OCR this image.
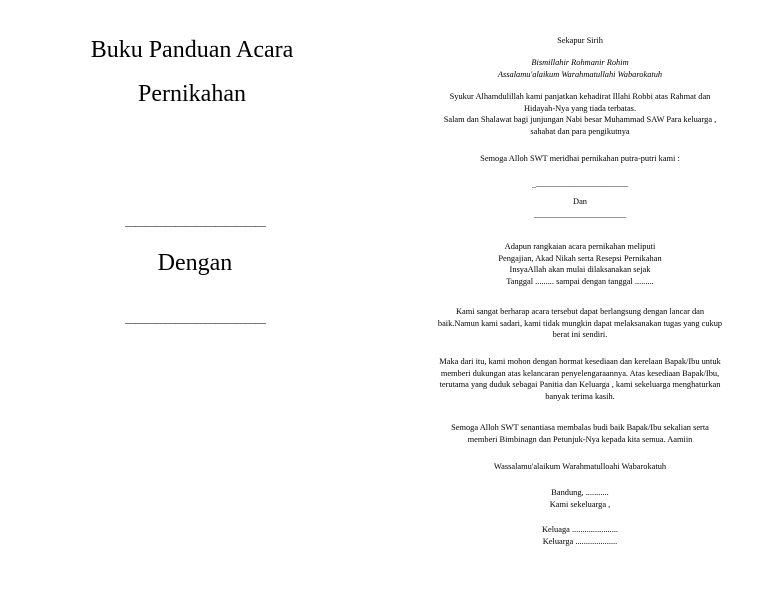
Buku Panduan Acara
Pernikahan
——————————————
Dengan
——————————————
Sekapur Sirih

Bismillahir Rohmanir Rohim

Assalamu'alaikum Warahmatullahi Wabarokatuh

Syukur Alhamdulillah kami panjatkan kehadirat Illahi Robbi atas Rahmat dan

Hidayah-Nya yang tiada terbatas.

Salam dan Shalawat bagi junjungan Nabi besar Muhammad SAW Para keluarga ,

sahabat dan para pengikutnya

Semoga Alloh SWT meridhai pernikahan putra-putri kami :

..———————————

Dan

———————————

Adapun rangkaian acara pernikahan meliputi

Pengajian, Akad Nikah serta Resepsi Pernikahan

InsyaAllah akan mulai dilaksanakan sejak

Tanggal ......... sampai dengan tanggal .........

Kami sangat berharap acara tersebut dapat berlangsung dengan lancar dan

baik.Namun kami sadari, kami tidak mungkin dapat melaksanakan tugas yang cukup

berat ini sendiri.

Maka dari itu, kami mohon dengan hormat kesediaan dan kerelaan Bapak/Ibu untuk

memberi dukungan atas kelancaran penyelengaraannya. Atas kesediaan Bapak/Ibu,

terutama yang duduk sebagai Panitia dan Keluarga , kami sekeluarga menghaturkan

banyak terima kasih.

Semoga Alloh SWT senantiasa membalas budi baik Bapak/Ibu sekalian serta

memberi Bimbinagn dan Petunjuk-Nya kepada kita semua. Aamiin

Wassalamu'alaikum Warahmatulloahi Wabarokatuh

Bandung, ...........

Kami sekeluarga ,

Keluaga ......................

Keluarga ....................
